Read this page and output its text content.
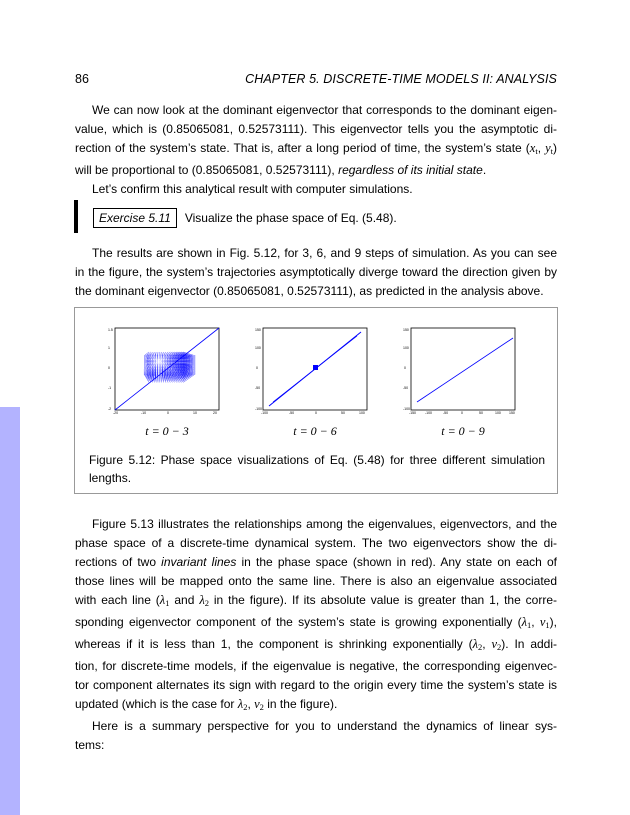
86	CHAPTER 5. DISCRETE-TIME MODELS II: ANALYSIS
We can now look at the dominant eigenvector that corresponds to the dominant eigen-
value, which is (0.85065081, 0.52573111). This eigenvector tells you the asymptotic di-
rection of the system’s state. That is, after a long period of time, the system’s state ($x_t$, $y_t$)
will be proportional to (0.85065081, 0.52573111), regardless of its initial state.
Let’s confirm this analytical result with computer simulations.
Exercise 5.11 Visualize the phase space of Eq. (5.48).
The results are shown in Fig. 5.12, for 3, 6, and 9 steps of simulation. As you can see
in the figure, the system’s trajectories asymptotically diverge toward the direction given by
the dominant eigenvector (0.85065081, 0.52573111), as predicted in the analysis above.
1.5
1
0
-1
-2
-20	-10	0	10	20
150
100
0
-50
-100
-100	-50	0	50	100
150
100
0
-50
-100
-150	-100	-50	0	50	100 150
t = 0 − 3	t = 0 − 6	t = 0 − 9
Figure 5.12: Phase space visualizations of Eq. (5.48) for three different simulation
lengths.
Figure 5.13 illustrates the relationships among the eigenvalues, eigenvectors, and the
phase space of a discrete-time dynamical system. The two eigenvectors show the di-
rections of two invariant lines in the phase space (shown in red). Any state on each of
those lines will be mapped onto the same line. There is also an eigenvalue associated
with each line ($\lambda_1$ and $\lambda_2$ in the figure). If its absolute value is greater than 1, the corre-
sponding eigenvector component of the system’s state is growing exponentially ($\lambda_1$, $v_1$),
whereas if it is less than 1, the component is shrinking exponentially ($\lambda_2$, $v_2$). In addi-
tion, for discrete-time models, if the eigenvalue is negative, the corresponding eigenvec-
tor component alternates its sign with regard to the origin every time the system’s state is
updated (which is the case for $\lambda_2$, $v_2$ in the figure).
Here is a summary perspective for you to understand the dynamics of linear sys-
tems:
